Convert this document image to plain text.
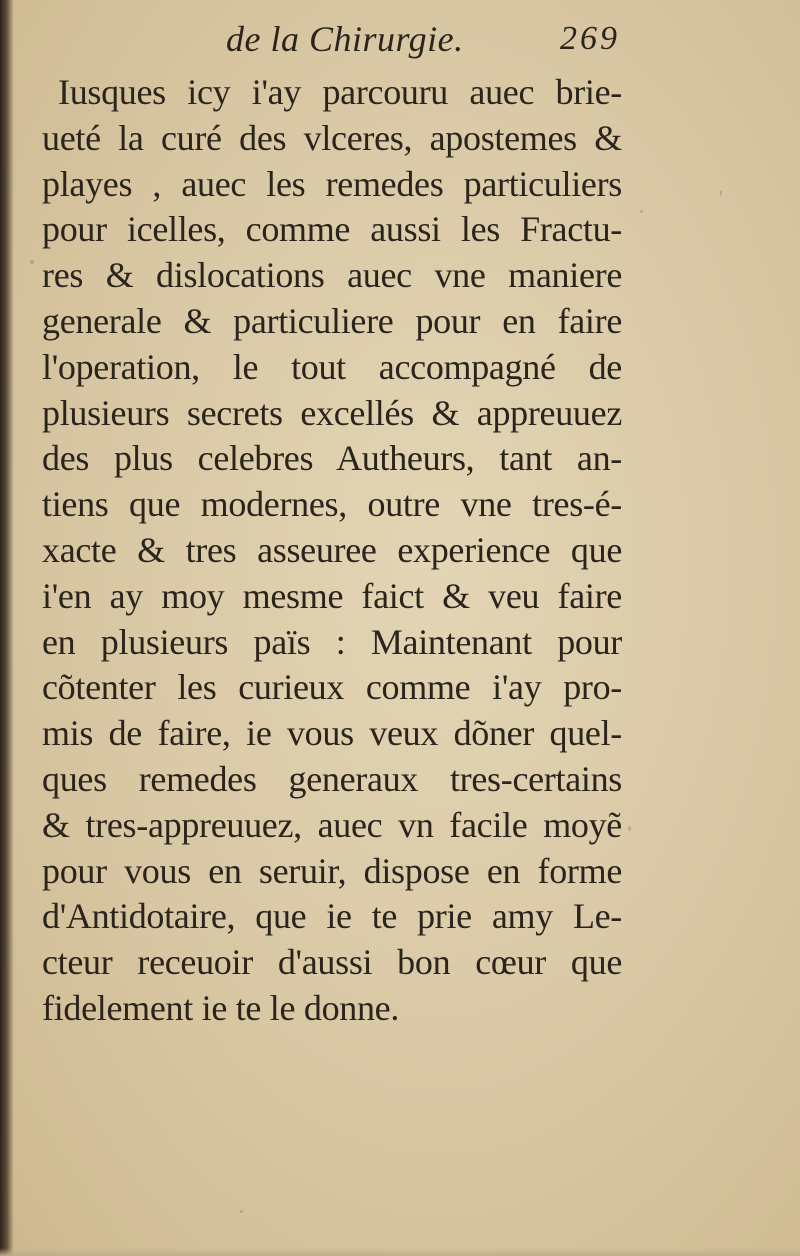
de la Chirurgie.	269
Iusques icy i'ay parcouru auec brie-
ueté la curé des vlceres, apostemes &
playes , auec les remedes particuliers
pour icelles, comme aussi les Fractu-
res & dislocations auec vne maniere
generale & particuliere pour en faire
l'operation, le tout accompagné de
plusieurs secrets excellés & appreuuez
des plus celebres Autheurs, tant an-
tiens que modernes, outre vne tres-é-
xacte & tres asseuree experience que
i'en ay moy mesme faict & veu faire
en plusieurs païs : Maintenant pour
cõtenter les curieux comme i'ay pro-
mis de faire, ie vous veux dõner quel-
ques remedes generaux tres-certains
& tres-appreuuez, auec vn facile moyẽ
pour vous en seruir, dispose en forme
d'Antidotaire, que ie te prie amy Le-
cteur receuoir d'aussi bon cœur que
fidelement ie te le donne.
